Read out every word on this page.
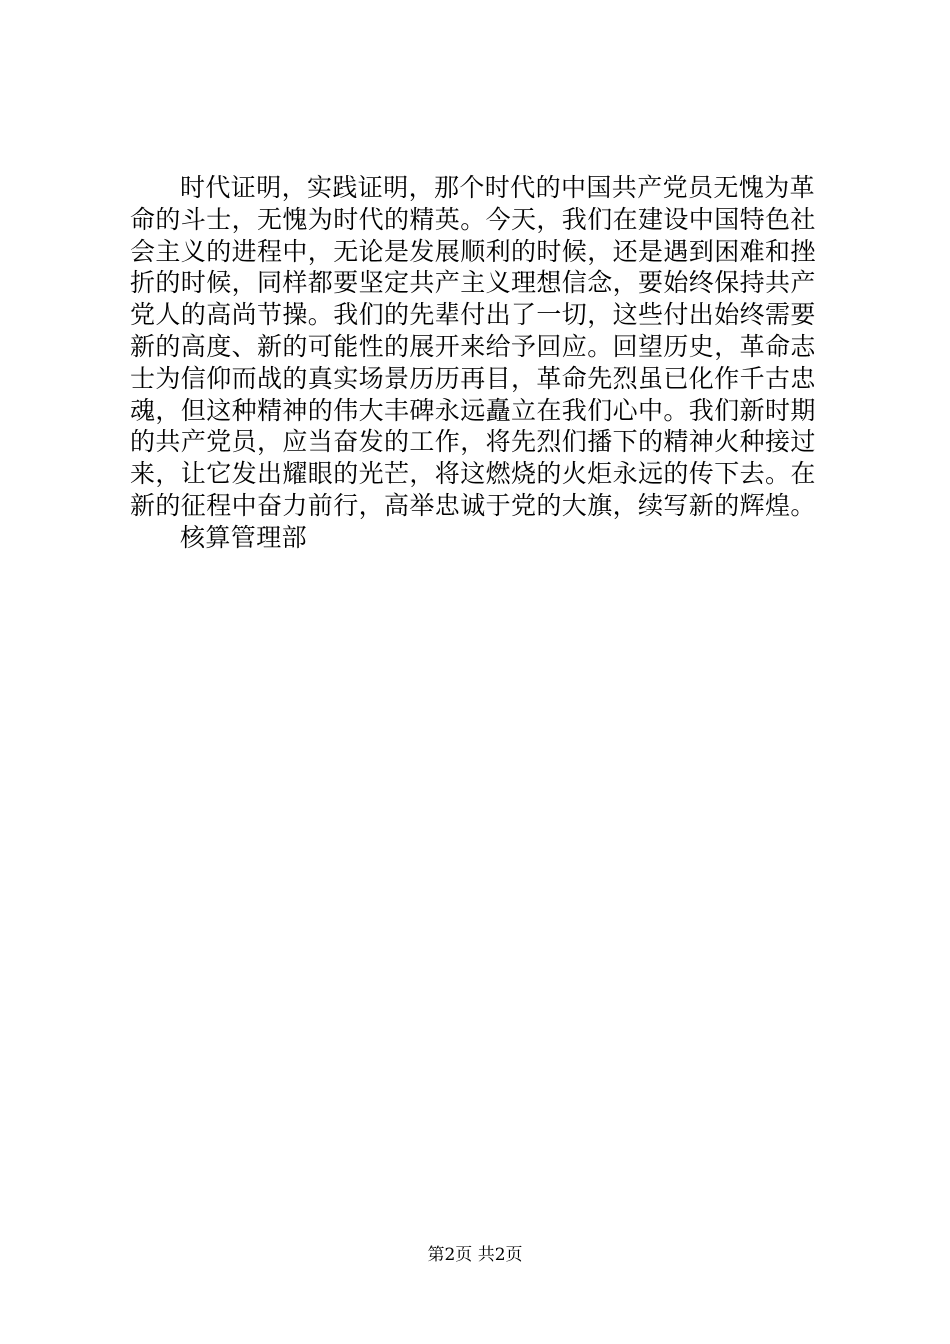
时代证明，实践证明，那个时代的中国共产党员无愧为革
命的斗士，无愧为时代的精英。今天，我们在建设中国特色社
会主义的进程中，无论是发展顺利的时候，还是遇到困难和挫
折的时候，同样都要坚定共产主义理想信念，要始终保持共产
党人的高尚节操。我们的先辈付出了一切，这些付出始终需要
新的高度、新的可能性的展开来给予回应。回望历史，革命志
士为信仰而战的真实场景历历再目，革命先烈虽已化作千古忠
魂，但这种精神的伟大丰碑永远矗立在我们心中。我们新时期
的共产党员，应当奋发的工作，将先烈们播下的精神火种接过
来，让它发出耀眼的光芒，将这燃烧的火炬永远的传下去。在
新的征程中奋力前行，高举忠诚于党的大旗，续写新的辉煌。
核算管理部
第2页 共2页
